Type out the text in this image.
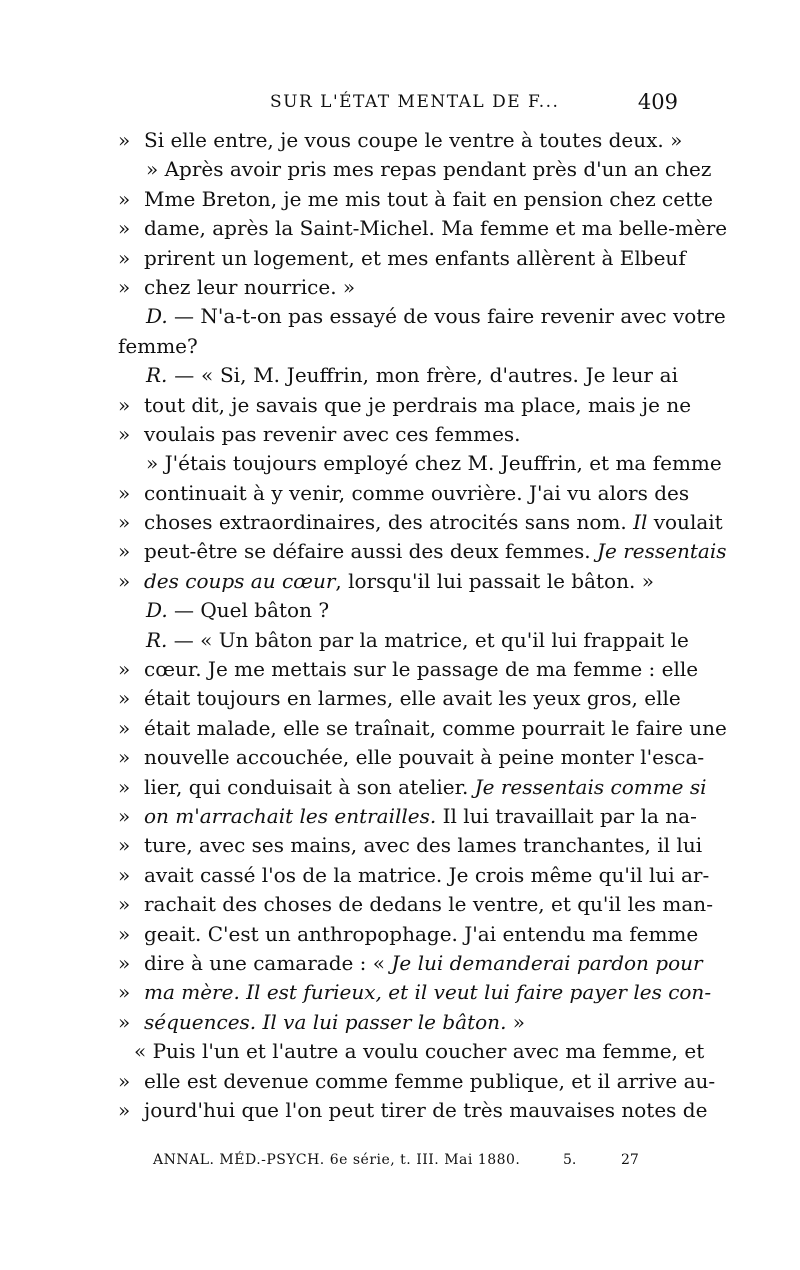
SUR L'ÉTAT MENTAL DE F...	409
» Si elle entre, je vous coupe le ventre à toutes deux. »
» Après avoir pris mes repas pendant près d'un an chez
» Mme Breton, je me mis tout à fait en pension chez cette
» dame, après la Saint-Michel. Ma femme et ma belle-mère
» prirent un logement, et mes enfants allèrent à Elbeuf
» chez leur nourrice. »
D. — N'a-t-on pas essayé de vous faire revenir avec votre
femme?
R. — « Si, M. Jeuffrin, mon frère, d'autres. Je leur ai
» tout dit, je savais que je perdrais ma place, mais je ne
» voulais pas revenir avec ces femmes.
» J'étais toujours employé chez M. Jeuffrin, et ma femme
» continuait à y venir, comme ouvrière. J'ai vu alors des
» choses extraordinaires, des atrocités sans nom. Il voulait
» peut-être se défaire aussi des deux femmes. Je ressentais
» des coups au cœur, lorsqu'il lui passait le bâton. »
D. — Quel bâton ?
R. — « Un bâton par la matrice, et qu'il lui frappait le
» cœur. Je me mettais sur le passage de ma femme : elle
» était toujours en larmes, elle avait les yeux gros, elle
» était malade, elle se traînait, comme pourrait le faire une
» nouvelle accouchée, elle pouvait à peine monter l'esca-
» lier, qui conduisait à son atelier. Je ressentais comme si
» on m'arrachait les entrailles. Il lui travaillait par la na-
» ture, avec ses mains, avec des lames tranchantes, il lui
» avait cassé l'os de la matrice. Je crois même qu'il lui ar-
» rachait des choses de dedans le ventre, et qu'il les man-
» geait. C'est un anthropophage. J'ai entendu ma femme
» dire à une camarade : « Je lui demanderai pardon pour
» ma mère. Il est furieux, et il veut lui faire payer les con-
» séquences. Il va lui passer le bâton. »
« Puis l'un et l'autre a voulu coucher avec ma femme, et
» elle est devenue comme femme publique, et il arrive au-
» jourd'hui que l'on peut tirer de très mauvaises notes de
ANNAL. MÉD.-PSYCH. 6e série, t. III. Mai 1880.	5.	27
